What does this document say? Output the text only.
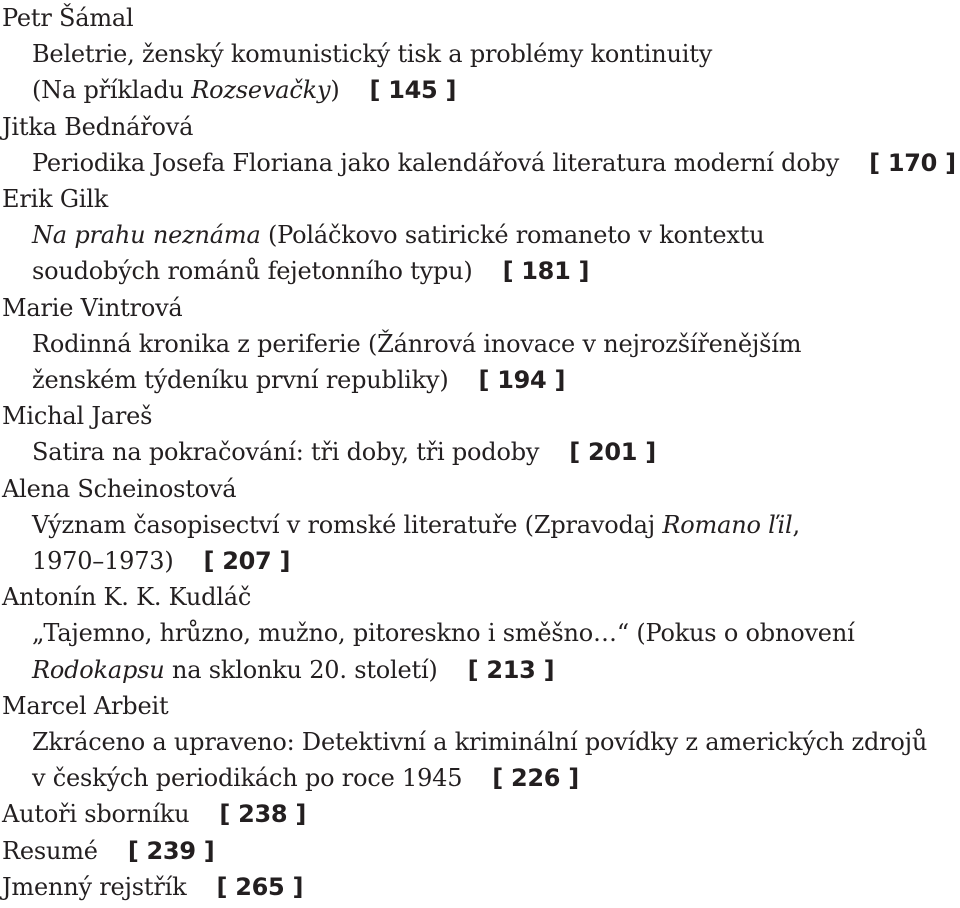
Petr Šámal
Beletrie, ženský komunistický tisk a problémy kontinuity
(Na příkladu Rozsevačky) [ 145 ]
Jitka Bednářová
Periodika Josefa Floriana jako kalendářová literatura moderní doby [ 170 ]
Erik Gilk
Na prahu neznáma (Poláčkovo satirické romaneto v kontextu
soudobých románů fejetonního typu) [ 181 ]
Marie Vintrová
Rodinná kronika z periferie (Žánrová inovace v nejrozšířenějším
ženském týdeníku první republiky) [ 194 ]
Michal Jareš
Satira na pokračování: tři doby, tři podoby [ 201 ]
Alena Scheinostová
Význam časopisectví v romské literatuře (Zpravodaj Romano ľil,
1970–1973) [ 207 ]
Antonín K. K. Kudláč
„Tajemno, hrůzno, mužno, pitoreskno i směšno…“ (Pokus o obnovení
Rodokapsu na sklonku 20. století) [ 213 ]
Marcel Arbeit
Zkráceno a upraveno: Detektivní a kriminální povídky z amerických zdrojů
v českých periodikách po roce 1945 [ 226 ]
Autoři sborníku [ 238 ]
Resumé [ 239 ]
Jmenný rejstřík [ 265 ]
